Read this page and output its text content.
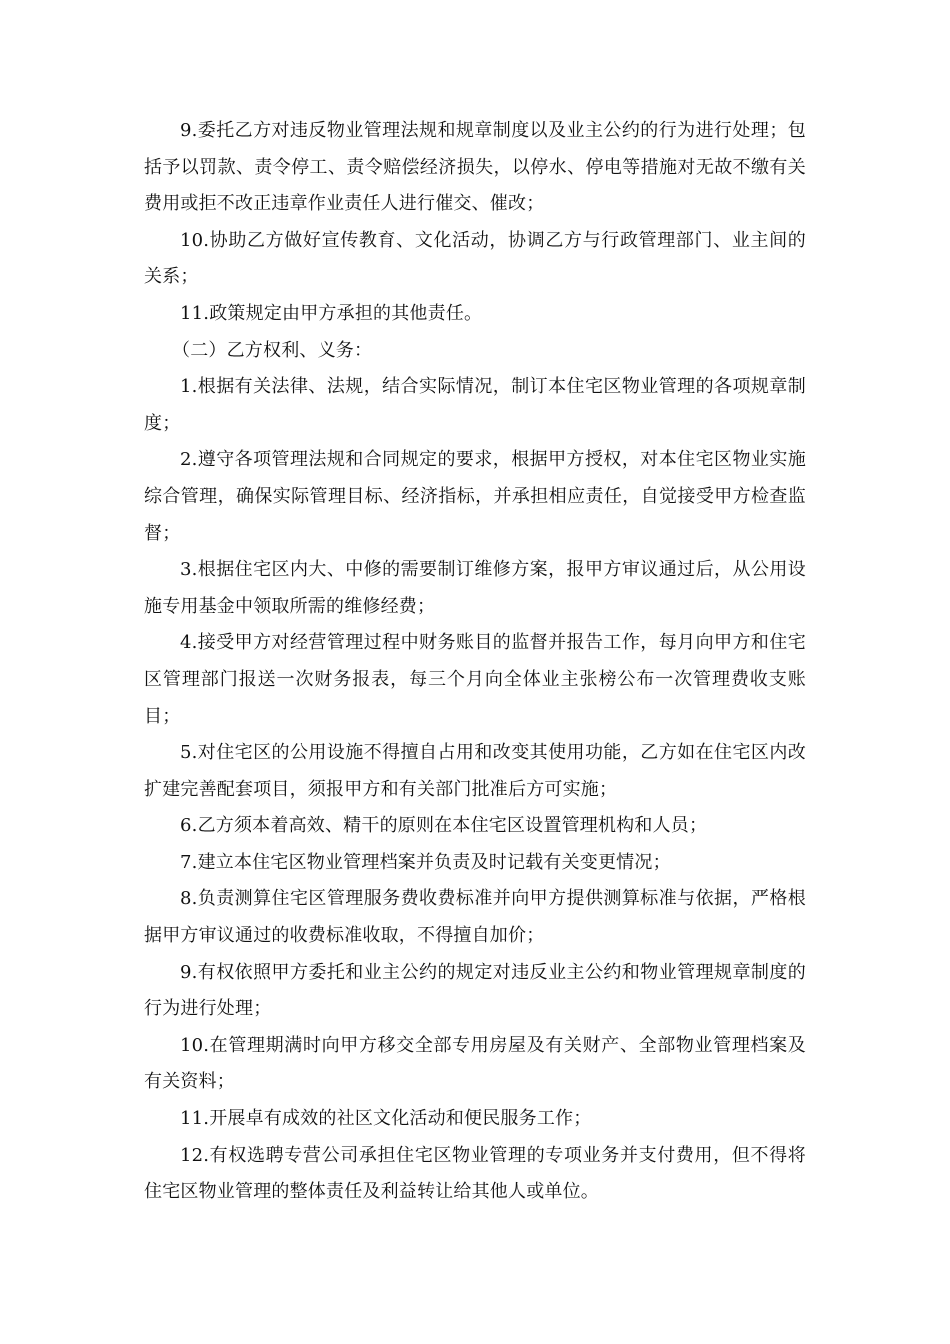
9.委托乙方对违反物业管理法规和规章制度以及业主公约的行为进行处理；包括予以罚款、责令停工、责令赔偿经济损失，以停水、停电等措施对无故不缴有关费用或拒不改正违章作业责任人进行催交、催改；

10.协助乙方做好宣传教育、文化活动，协调乙方与行政管理部门、业主间的关系；

11.政策规定由甲方承担的其他责任。

（二）乙方权利、义务：

1.根据有关法律、法规，结合实际情况，制订本住宅区物业管理的各项规章制度；

2.遵守各项管理法规和合同规定的要求，根据甲方授权，对本住宅区物业实施综合管理，确保实际管理目标、经济指标，并承担相应责任，自觉接受甲方检查监督；

3.根据住宅区内大、中修的需要制订维修方案，报甲方审议通过后，从公用设施专用基金中领取所需的维修经费；

4.接受甲方对经营管理过程中财务账目的监督并报告工作，每月向甲方和住宅区管理部门报送一次财务报表，每三个月向全体业主张榜公布一次管理费收支账目；

5.对住宅区的公用设施不得擅自占用和改变其使用功能，乙方如在住宅区内改扩建完善配套项目，须报甲方和有关部门批准后方可实施；

6.乙方须本着高效、精干的原则在本住宅区设置管理机构和人员；

7.建立本住宅区物业管理档案并负责及时记载有关变更情况；

8.负责测算住宅区管理服务费收费标准并向甲方提供测算标准与依据，严格根据甲方审议通过的收费标准收取，不得擅自加价；

9.有权依照甲方委托和业主公约的规定对违反业主公约和物业管理规章制度的行为进行处理；

10.在管理期满时向甲方移交全部专用房屋及有关财产、全部物业管理档案及有关资料；

11.开展卓有成效的社区文化活动和便民服务工作；

12.有权选聘专营公司承担住宅区物业管理的专项业务并支付费用，但不得将住宅区物业管理的整体责任及利益转让给其他人或单位。
